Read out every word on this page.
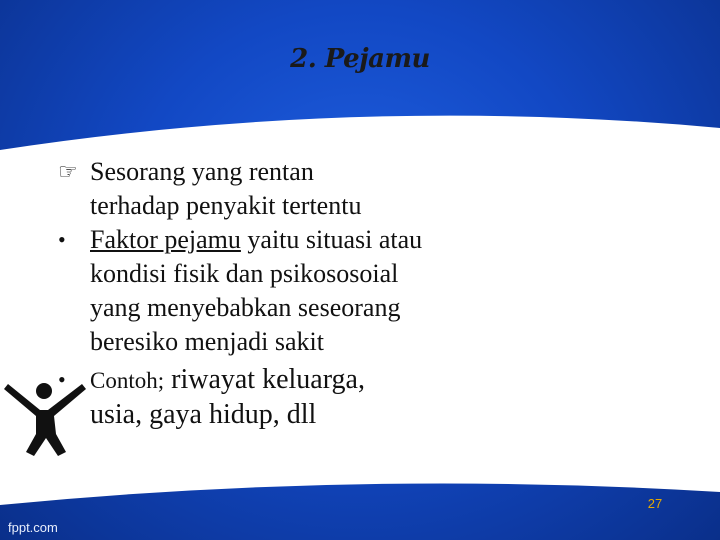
2. Pejamu
☞ Sesorang yang rentan
terhadap penyakit tertentu
• Faktor pejamu yaitu situasi atau
kondisi fisik dan psikososoial
yang menyebabkan seseorang
beresiko menjadi sakit
•	Contoh; riwayat keluarga,
usia, gaya hidup, dll
27
fppt.com
